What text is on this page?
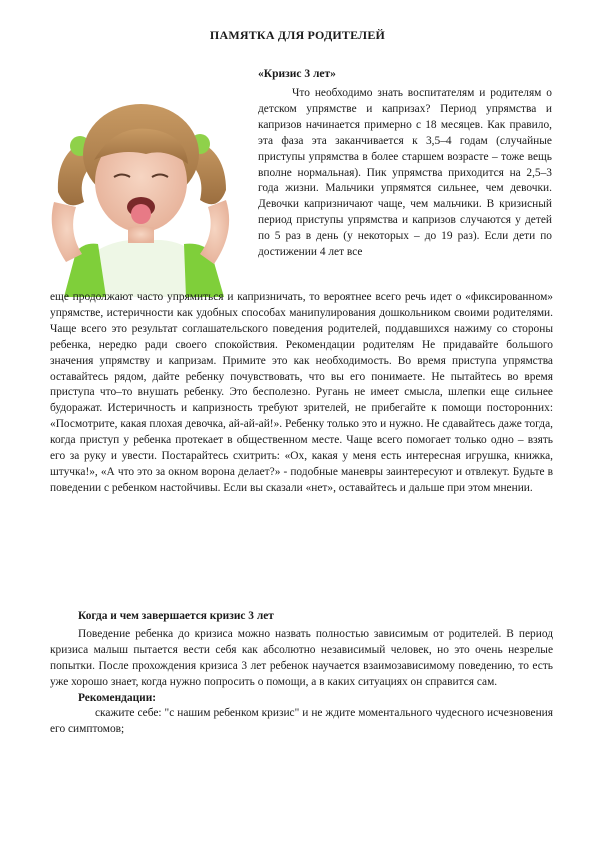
ПАМЯТКА ДЛЯ РОДИТЕЛЕЙ
«Кризис 3 лет»

Что необходимо знать воспитателям и родителям о детском упрямстве и капризах? Период упрямства и капризов начинается примерно с 18 месяцев. Как правило, эта фаза эта заканчивается к 3,5–4 годам (случайные приступы упрямства в более старшем возрасте – тоже вещь вполне нормальная). Пик упрямства приходится на 2,5–3 года жизни. Мальчики упрямятся сильнее, чем девочки. Девочки капризничают чаще, чем мальчики. В кризисный период приступы упрямства и капризов случаются у детей по 5 раз в день (у некоторых – до 19 раз). Если дети по достижении 4 лет все

еще продолжают часто упрямиться и капризничать, то вероятнее всего речь идет о «фиксированном» упрямстве, истеричности как удобных способах манипулирования дошкольником своими родителями. Чаще всего это результат соглашательского поведения родителей, поддавшихся нажиму со стороны ребенка, нередко ради своего спокойствия. Рекомендации родителям Не придавайте большого значения упрямству и капризам. Примите это как необходимость. Во время приступа упрямства оставайтесь рядом, дайте ребенку почувствовать, что вы его понимаете. Не пытайтесь во время приступа что–то внушать ребенку. Это бесполезно. Ругань не имеет смысла, шлепки еще сильнее будоражат. Истеричность и капризность требуют зрителей, не прибегайте к помощи посторонних: «Посмотрите, какая плохая девочка, ай-ай-ай!». Ребенку только это и нужно. Не сдавайтесь даже тогда, когда приступ у ребенка протекает в общественном месте. Чаще всего помогает только одно – взять его за руку и увести. Постарайтесь схитрить: «Ох, какая у меня есть интересная игрушка, книжка, штучка!», «А что это за окном ворона делает?» - подобные маневры заинтересуют и отвлекут. Будьте в поведении с ребенком настойчивы. Если вы сказали «нет», оставайтесь и дальше при этом мнении.

Когда и чем завершается кризис 3 лет

Поведение ребенка до кризиса можно назвать полностью зависимым от родителей. В период кризиса малыш пытается вести себя как абсолютно независимый человек, но это очень незрелые попытки. После прохождения кризиса 3 лет ребенок научается взаимозависимому поведению, то есть уже хорошо знает, когда нужно попросить о помощи, а в каких ситуациях он справится сам.

Рекомендации:

скажите себе: "с нашим ребенком кризис" и не ждите моментального чудесного исчезновения его симптомов;
